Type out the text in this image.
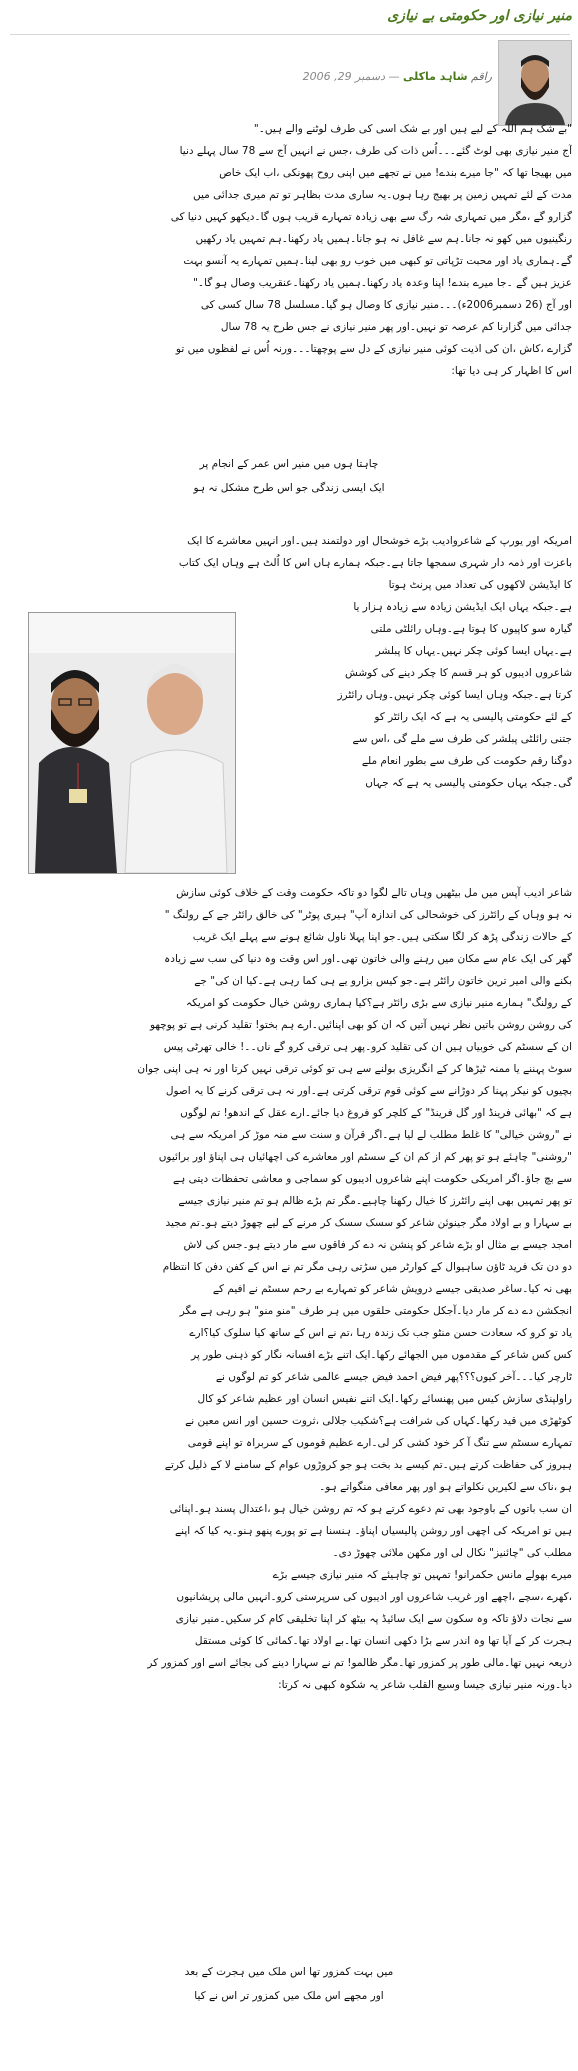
منیر نیازی اور حکومتی بے نیازی
راقم شاہد ماکلی — دسمبر 29, 2006
"بے شک ہم اللہ کے لیے ہیں اور بے شک اسی کی طرف لوٹنے والے ہیں۔"
آج منیر نیازی بھی لوٹ گئے۔۔۔اُس ذات کی طرف ،جس نے انہیں آج سے 78 سال پہلے دنیا
میں بھیجا تھا کہ "جا میرے بندے! میں نے تجھے میں اپنی روح پھونکی ،اب ایک خاص
مدت کے لئے تمہیں زمین پر بھیج رہا ہوں۔یہ ساری مدت بظاہر تو تم میری جدائی میں
گزارو گے ،مگر میں تمہاری شہ رگ سے بھی زیادہ تمہارے قریب ہوں گا۔دیکھو کہیں دنیا کی
رنگینیوں میں کھو نہ جانا۔ہم سے غافل نہ ہو جانا۔ہمیں یاد رکھنا۔ہم تمہیں یاد رکھیں
گے۔ہماری یاد اور محبت تڑپاتی تو کبھی میں خوب رو بھی لینا۔ہمیں تمہارے یہ آنسو بہت
عزیز ہیں گے ۔جا میرے بندے! اپنا وعدہ یاد رکھنا۔ہمیں یاد رکھنا۔عنقریب وصال ہو گا۔"
اور آج (26 دسمبر2006ء)۔۔۔منیر نیازی کا وصال ہو گیا۔مسلسل 78 سال کسی کی
جدائی میں گزارنا کم عرصہ تو نہیں۔اور پھر منیر نیازی نے جس طرح یہ 78 سال
گزارے ،کاش ،ان کی اذیت کوئی منیر نیازی کے دل سے پوچھتا۔۔۔ورنہ اُس نے لفظوں میں تو
اس کا اظہار کر ہی دیا تھا:
چاہتا ہوں میں منیر اس عمر کے انجام پر
ایک ایسی زندگی جو اس طرح مشکل نہ ہو
امریکہ اور یورپ کے شاعروادیب بڑے خوشحال اور دولتمند ہیں۔اور انہیں معاشرے کا ایک
باعزت اور ذمہ دار شہری سمجھا جاتا ہے۔جبکہ ہمارے ہاں اس کا اُلٹ ہے وہاں ایک کتاب
کا ایڈیشن لاکھوں کی تعداد میں پرنٹ ہوتا
ہے۔جبکہ یہاں ایک ایڈیشن زیادہ سے زیادہ ہزار یا
گیارہ سو کاپیوں کا ہوتا ہے۔وہاں رائلٹی ملتی
ہے۔یہاں ایسا کوئی چکر نہیں۔یہاں کا پبلشر
شاعروں ادیبوں کو ہر قسم کا چکر دینے کی کوشش
کرتا ہے۔جبکہ وہاں ایسا کوئی چکر نہیں۔وہاں رائٹرز
کے لئے حکومتی پالیسی یہ ہے کہ ایک رائٹر کو
جتنی رائلٹی پبلشر کی طرف سے ملے گی ،اس سے
دوگنا رقم حکومت کی طرف سے بطور انعام ملے
گی۔جبکہ یہاں حکومتی پالیسی یہ ہے کہ جہاں
شاعر ادیب آپس میں مل بیٹھیں وہاں تالے لگوا دو تاکہ حکومت وقت کے خلاف کوئی سازش
نہ ہو وہاں کے رائٹرز کی خوشحالی کی اندازہ آپ" ہیری پوٹر" کی خالق رائٹر جے کے رولنگ "
کے حالات زندگی پڑھ کر لگا سکتی ہیں۔جو اپنا پہلا ناول شائع ہونے سے پہلے ایک غریب
گھر کی ایک عام سے مکان میں رہنے والی خاتون تھی۔اور اس وقت وہ دنیا کی سب سے زیادہ
بکنے والی امیر ترین خاتون رائٹر ہے۔جو کیس بزارو یے ہی کما رہی ہے۔کیا ان کی" جے
کے رولنگ" ہمارے منیر نیازی سے بڑی رائٹر ہے؟کیا ہماری روشن خیال حکومت کو امریکہ
کی روشن روشن باتیں نظر نہیں آتیں کہ ان کو بھی اپنائیں۔ارے ہم بختو! تقلید کرنی ہے تو پوچھو
ان کے سسٹم کی خوبیاں ہیں ان کی تقلید کرو۔پھر ہی ترقی کرو گے ناں۔۔! خالی تھرٹی پیس
سوٹ پہننے یا ممنہ ٹیڑھا کر کے انگریزی بولنے سے ہی تو کوئی ترقی نہیں کرتا اور نہ ہی اپنی جوان
بچیوں کو نیکر پہنا کر دوڑانے سے کوئی قوم ترقی کرتی ہے۔اور نہ ہی ترقی کرنے کا یہ اصول
ہے کہ "بھائی فرینڈ اور گل فرینڈ" کے کلچر کو فروغ دیا جائے۔ارے عقل کے اندھو! تم لوگوں
نے "روشن خیالی" کا غلط مطلب لے لیا ہے۔اگر قرآن و سنت سے منہ موڑ کر امریکہ سے ہی
"روشنی" چاہئے ہو تو پھر کم از کم ان کے سسٹم اور معاشرے کی اچھائیاں ہی اپناؤ اور برائیوں
سے بچ جاؤ۔اگر امریکی حکومت اپنے شاعروں ادیبوں کو سماجی و معاشی تحفظات دیتی ہے
تو پھر تمہیں بھی اپنے رائٹرز کا خیال رکھنا چاہیے۔مگر تم بڑے ظالم ہو تم منیر نیازی جیسے
بے سہارا و بے اولاد مگر جینوئن شاعر کو سسک سسک کر مرنے کے لیے چھوڑ دیتے ہو۔تم مجید
امجد جیسے بے مثال او بڑے شاعر کو پنشن نہ دے کر فاقوں سے مار دیتے ہو۔جس کی لاش
دو دن تک فرید ٹاؤن ساہیوال کے کوارٹر میں سڑتی رہی مگر تم نے اس کے کفن دفن کا انتظام
بھی نہ کیا۔ساغر صدیقی جیسے درویش شاعر کو تمہارے بے رحم سسٹم نے افیم کے
انجکشن دے دے کر مار دیا۔آجکل حکومتی حلقوں میں ہر طرف "منو منو" ہو رہی ہے مگر
یاد تو کرو کہ سعادت حسن منٹو جب تک زندہ رہا ،تم نے اس کے ساتھ کیا سلوک کیا؟ارے
کس کس شاعر کے مقدموں میں الجھائے رکھا۔ایک اتنے بڑے افسانہ نگار کو ذہنی طور پر
ٹارچر کیا۔۔۔آخر کیوں؟؟؟پھر فیض احمد فیض جیسے عالمی شاعر کو تم لوگوں نے
راولپنڈی سازش کیس میں پھنسائے رکھا۔ایک اتنے نفیس انسان اور عظیم شاعر کو کال
کوٹھڑی میں قید رکھا۔کہاں کی شرافت ہے؟شکیب جلالی ،ثروت حسین اور انس معین نے
تمہارے سسٹم سے تنگ آ کر خود کشی کر لی۔ارے عظیم قوموں کے سربراہ تو اپنے قومی
ہیروز کی حفاظت کرتے ہیں۔تم کیسے بد بخت ہو جو کروڑوں عوام کے سامنے لا کے ذلیل کرتے
ہو ،ناک سے لکیریں نکلواتے ہو اور پھر معافی منگواتے ہو۔
ان سب باتوں کے باوجود بھی تم دعوے کرتے ہو کہ تم روشن خیال ہو ،اعتدال پسند ہو۔اپنائی
ہیں تو امریکہ کی اچھی اور روشن پالیسیاں اپناؤ۔ ہنسنا ہے تو پورے پنھو ہنو۔یہ کیا کہ اپنے
مطلب کی "چائنیز" نکال لی اور مکھن ملائی چھوڑ دی۔
میرے بھولے مانس حکمرانو! تمہیں تو چاہیئے کہ منیر نیازی جیسے بڑے
،کھرے ،سچے ،اچھے اور غریب شاعروں اور ادیبوں کی سرپرستی کرو۔انہیں مالی پریشانیوں
سے نجات دلاؤ تاکہ وہ سکون سے ایک سائیڈ پہ بیٹھ کر اپنا تخلیقی کام کر سکیں۔منیر نیازی
ہجرت کر کے آیا تھا وہ اندر سے بڑا دکھی انسان تھا۔بے اولاد تھا۔کمائی کا کوئی مستقل
ذریعہ نہیں تھا۔مالی طور پر کمزور تھا۔مگر ظالمو! تم نے سہارا دینے کی بجائے اسے اور کمزور کر
دیا۔ورنہ منیر نیازی جیسا وسیع القلب شاعر یہ شکوہ کبھی نہ کرتا:
میں بہت کمزور تھا اس ملک میں ہجرت کے بعد
اور مجھے اس ملک میں کمزور تر اس نے کیا
